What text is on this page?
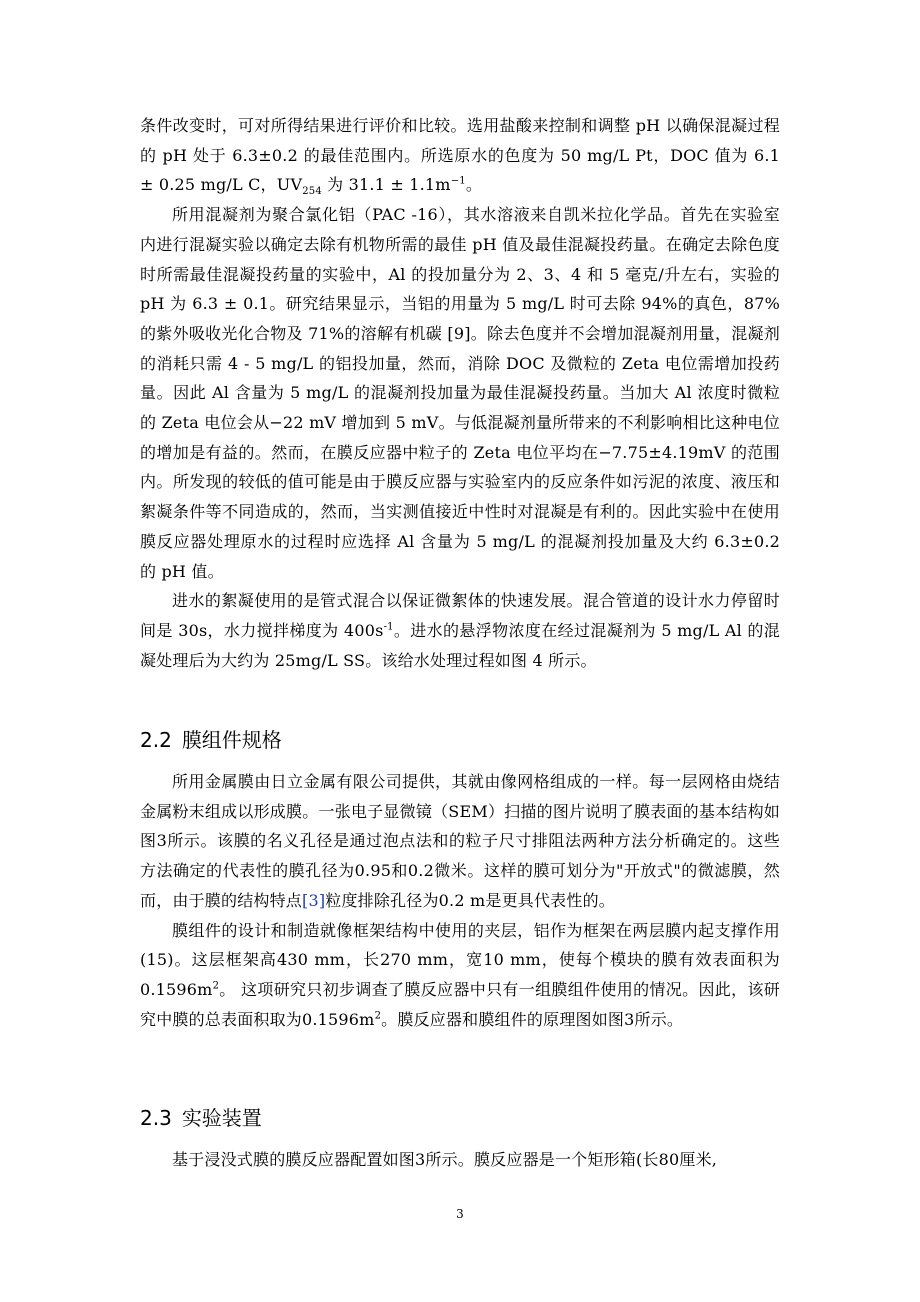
条件改变时，可对所得结果进行评价和比较。选用盐酸来控制和调整 pH 以确保混凝过程的 pH 处于 6.3±0.2 的最佳范围内。所选原水的色度为 50 mg/L Pt，DOC 值为 6.1 ± 0.25 mg/L C，$UV_{254}$ 为 $31.1 \pm 1.1m^{-1}$。

所用混凝剂为聚合氯化铝（PAC -16），其水溶液来自凯米拉化学品。首先在实验室内进行混凝实验以确定去除有机物所需的最佳 pH 值及最佳混凝投药量。在确定去除色度时所需最佳混凝投药量的实验中，Al 的投加量分为 2、3、4 和 5 毫克/升左右，实验的 pH 为 6.3 ± 0.1。研究结果显示，当铝的用量为 5 mg/L 时可去除 94%的真色，87%的紫外吸收光化合物及 71%的溶解有机碳 [9]。除去色度并不会增加混凝剂用量，混凝剂的消耗只需 4 - 5 mg/L 的铝投加量，然而，消除 DOC 及微粒的 Zeta 电位需增加投药量。因此 Al 含量为 5 mg/L 的混凝剂投加量为最佳混凝投药量。当加大 Al 浓度时微粒的 Zeta 电位会从−22 mV 增加到 5 mV。与低混凝剂量所带来的不利影响相比这种电位的增加是有益的。然而，在膜反应器中粒子的 Zeta 电位平均在−7.75±4.19mV 的范围内。所发现的较低的值可能是由于膜反应器与实验室内的反应条件如污泥的浓度、液压和絮凝条件等不同造成的，然而，当实测值接近中性时对混凝是有利的。因此实验中在使用膜反应器处理原水的过程时应选择 Al 含量为 5 mg/L 的混凝剂投加量及大约 6.3±0.2 的 pH 值。

进水的絮凝使用的是管式混合以保证微絮体的快速发展。混合管道的设计水力停留时间是 30s，水力搅拌梯度为 $400s^{-1}$。进水的悬浮物浓度在经过混凝剂为 5 mg/L Al 的混凝处理后为大约为 25mg/L SS。该给水处理过程如图 4 所示。

2.2 膜组件规格

所用金属膜由日立金属有限公司提供，其就由像网格组成的一样。每一层网格由烧结金属粉末组成以形成膜。一张电子显微镜（SEM）扫描的图片说明了膜表面的基本结构如图3所示。该膜的名义孔径是通过泡点法和的粒子尺寸排阻法两种方法分析确定的。这些方法确定的代表性的膜孔径为0.95和0.2微米。这样的膜可划分为"开放式"的微滤膜，然而，由于膜的结构特点[3]粒度排除孔径为0.2 m是更具代表性的。

膜组件的设计和制造就像框架结构中使用的夹层，铝作为框架在两层膜内起支撑作用(15)。这层框架高430 mm，长270 mm，宽10 mm，使每个模块的膜有效表面积为$0.1596m^2$。 这项研究只初步调查了膜反应器中只有一组膜组件使用的情况。因此，该研究中膜的总表面积取为$0.1596m^2$。膜反应器和膜组件的原理图如图3所示。

2.3 实验装置

基于浸没式膜的膜反应器配置如图3所示。膜反应器是一个矩形箱(长80厘米,

3
